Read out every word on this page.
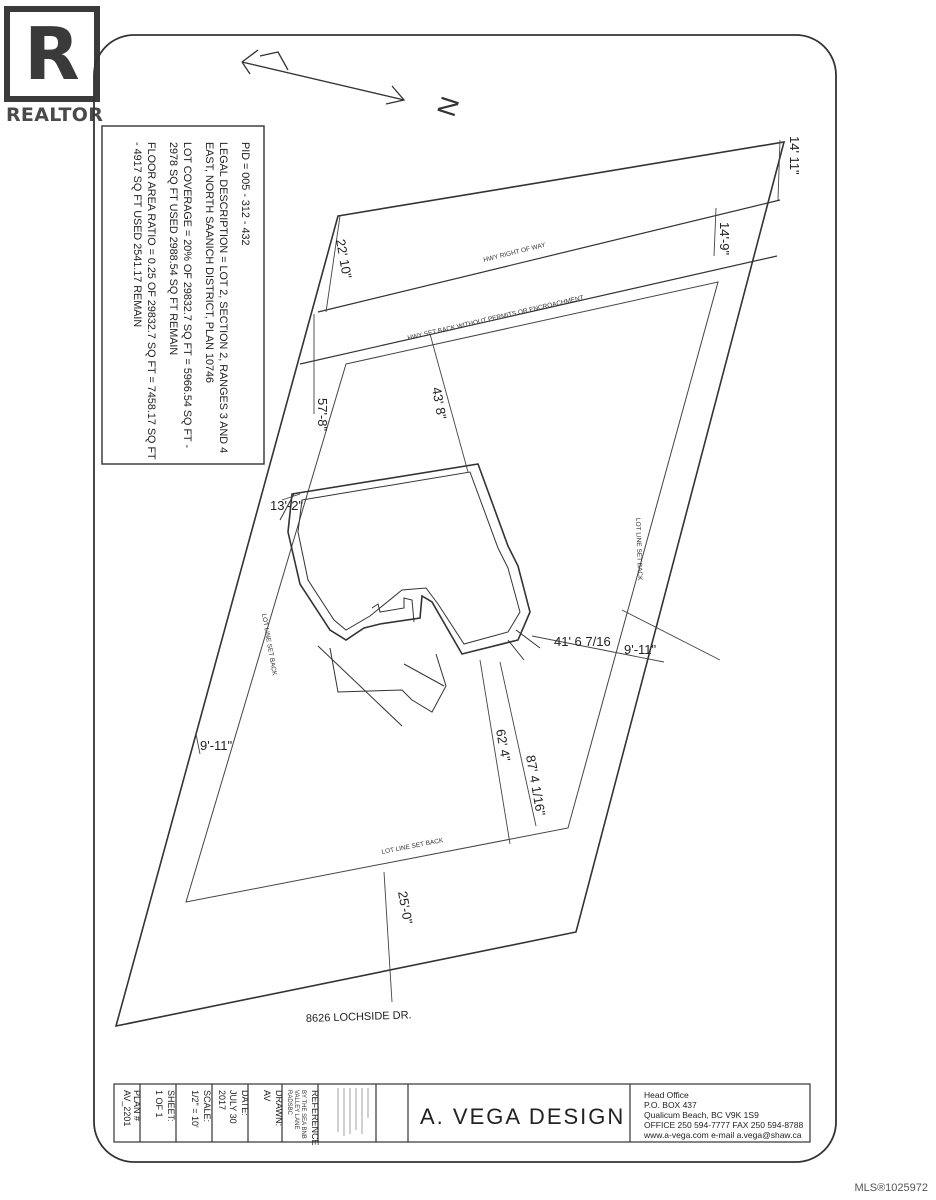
R
REALTOR	N
PID = 005 - 312 - 432
LEGAL DESCRIPTION = LOT 2, SECTION 2, RANGES 3 AND 4
EAST, NORTH SAANICH DISTRICT, PLAN 10746
LOT COVERAGE = 20% OF 29832.7 SQ FT = 5966.54 SQ FT -
2978 SQ FT USED 2988.54 SQ FT REMAIN
FLOOR AREA RATIO = 0.25 OF 29832.7 SQ FT = 7458.17 SQ FT
- 4917 SQ FT USED 2541.17 REMAIN	14' 11"
14'-9"
22' 10"
57'-8"	43' 8"
13'-2"
41' 6 7/16
9'-11"
9'-11"	62' 4"
87' 4 1/16"
25'-0"
HWY RIGHT OF WAY
HWY SET BACK WITHOUT PERMITS OR ENCROACHMENT
LOT LINE SET BACK
LOT LINE SET BACK
LOT LINE SET BACK
8626 LOCHSIDE DR.
PLAN #
AV_2201	SHEET:
1 OF 1	SCALE:
1/2" = 10'	DATE:
JULY 30
2017	DRAWN:
AV	REFERENCE
BY THE SEA BNB
VALLEY LANE
RADSBC
A. VEGA DESIGN
Head Office
P.O. BOX 437
Qualicum Beach, BC V9K 1S9
OFFICE 250 594-7777 FAX 250 594-8788
www.a-vega.com e-mail a.vega@shaw.ca
MLS®1025972
